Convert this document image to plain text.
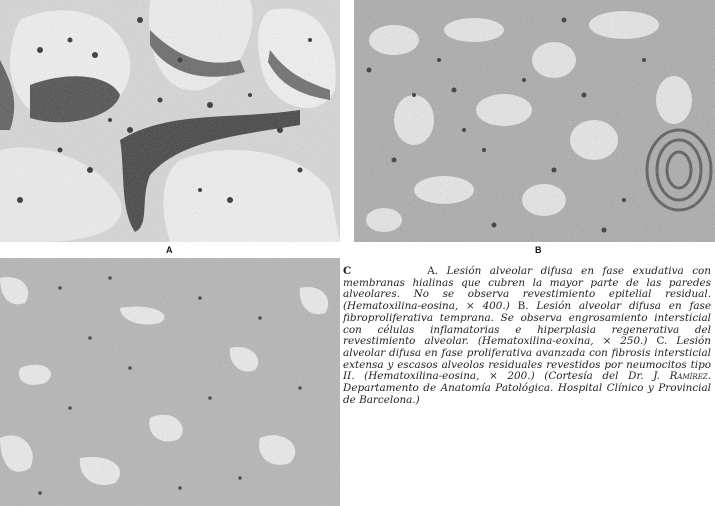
A	B
C	A. Lesión alveolar difusa en fase exudativa con membranas hialinas que cubren la mayor parte de las paredes alveolares. No se observa revestimiento epitelial residual. (Hematoxilina-eosina, × 400.) B. Lesión alveolar difusa en fase fibroproliferativa temprana. Se observa engrosamiento intersticial con células inflamatorias e hiperplasia regenerativa del revestimiento alveolar. (Hematoxilina-eoxina, × 250.) C. Lesión alveolar difusa en fase proliferativa avanzada con fibrosis intersticial extensa y escasos alveolos residuales revestidos por neumocitos tipo II. (Hematoxilina-eosina, × 200.) (Cortesía del Dr. J. Ramírez. Departamento de Anatomía Patológica. Hospital Clínico y Provincial de Barcelona.)
